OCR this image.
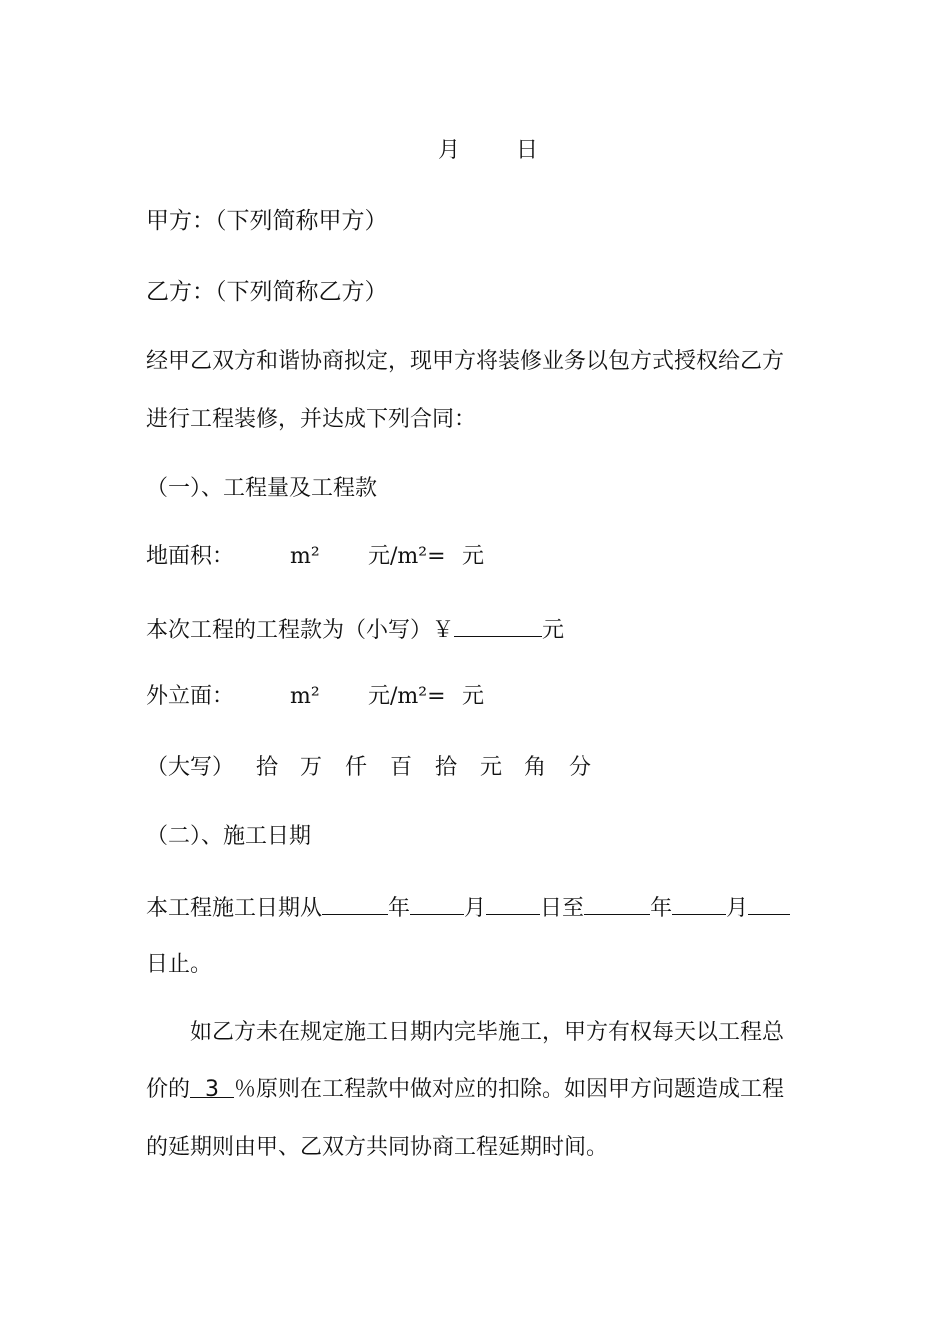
月	日
甲方：（下列简称甲方）
乙方：（下列简称乙方）
经甲乙双方和谐协商拟定，现甲方将装修业务以包方式授权给乙方
进行工程装修，并达成下列合同：
（一）、工程量及工程款
地面积：	m² 元/m²= 元
本次工程的工程款为（小写）￥	元
外立面：	m² 元/m²= 元
（大写） 拾 万 仟 百 拾 元 角 分
（二）、施工日期
本工程施工日期从	年 月 日至	年 月
日止。
如乙方未在规定施工日期内完毕施工，甲方有权每天以工程总
价的 3 ％原则在工程款中做对应的扣除。如因甲方问题造成工程
的延期则由甲、乙双方共同协商工程延期时间。
